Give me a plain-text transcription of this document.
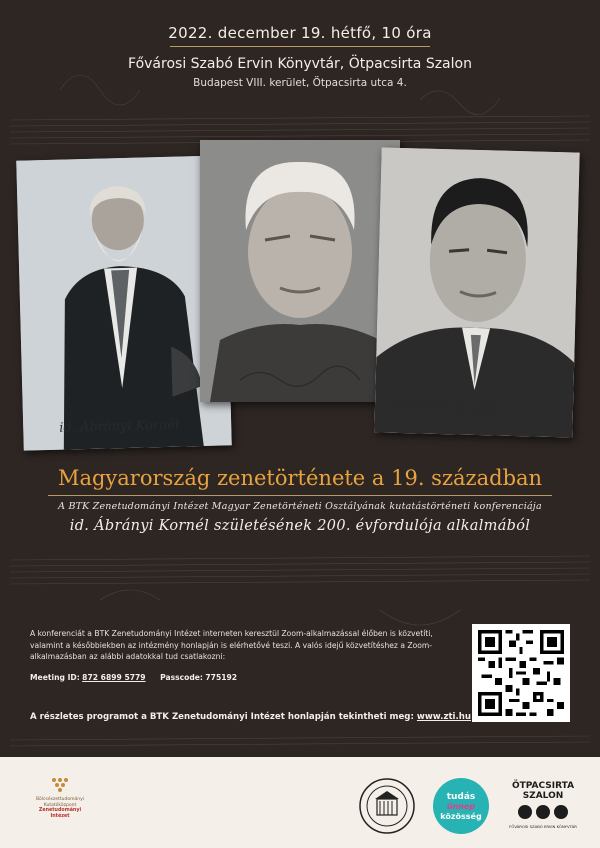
2022. december 19. hétfő, 10 óra
Fővárosi Szabó Ervin Könyvtár, Ötpacsirta Szalon
Budapest VIII. kerület, Ötpacsirta utca 4.
id. Ábrányi Kornél
Németh Amadé
Magyarország zenetörténete a 19. században
A BTK Zenetudományi Intézet Magyar Zenetörténeti Osztályának kutatástörténeti konferenciája
id. Ábrányi Kornél születésének 200. évfordulója alkalmából
A konferenciát a BTK Zenetudományi Intézet interneten keresztül Zoom-alkalmazással élőben is közvetíti, valamint a későbbiekben az intézmény honlapján is elérhetővé teszi. A valós idejű közvetítéshez a Zoom-alkalmazásban az alábbi adatokkal tud csatlakozni:
Meeting ID: 872 6899 5779 Passcode: 775192
A részletes programot a BTK Zenetudományi Intézet honlapján tekintheti meg: www.zti.hu
Bölcsészettudományi
Kutatóközpont
Zenetudományi
Intézet
tudás
ünnep
közösség
ÖTPACSIRTA
SZALON
FŐVÁROSI SZABÓ ERVIN KÖNYVTÁR
